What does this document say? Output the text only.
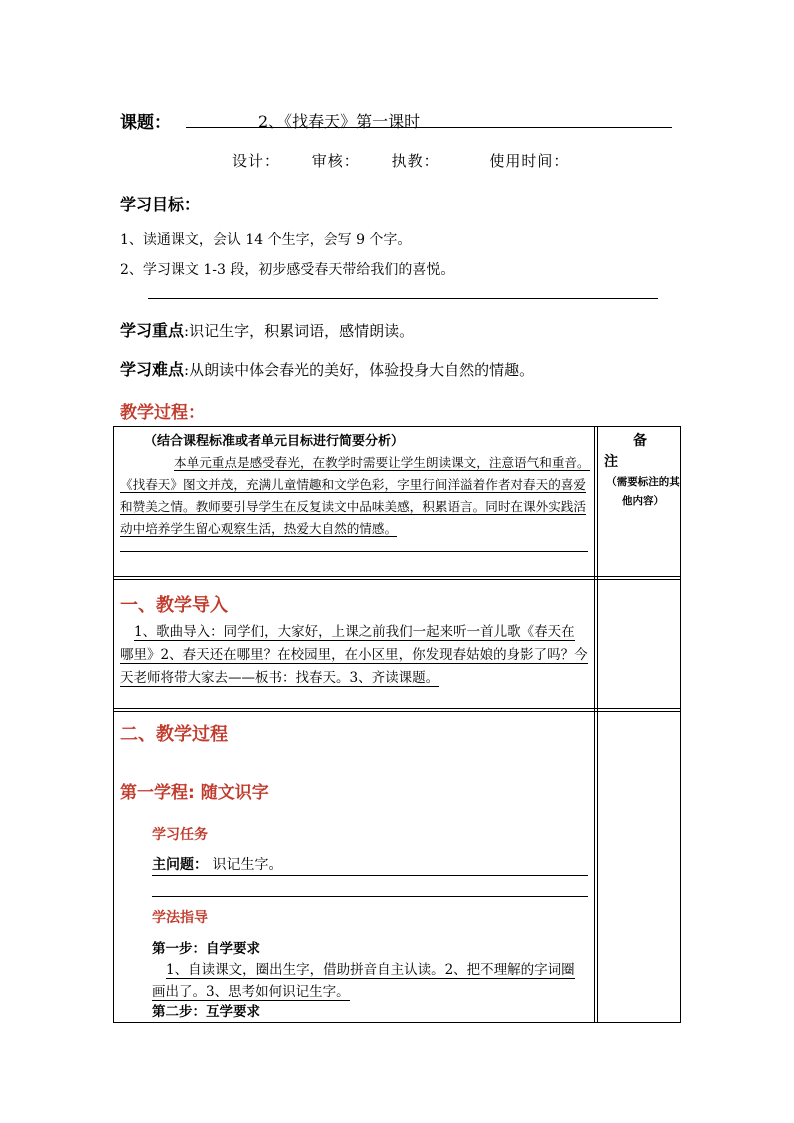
课题：	2、《找春天》第一课时
设计： 审核： 执教：	使用时间：
学习目标：
1、读通课文，会认 14 个生字，会写 9 个字。
2、学习课文 1-3 段，初步感受春天带给我们的喜悦。
学习重点:识记生字，积累词语，感情朗读。
学习难点:从朗读中体会春光的美好，体验投身大自然的情趣。
教学过程：
（结合课程标准或者单元目标进行简要分析）
本单元重点是感受春光，在教学时需要让学生朗读课文，注意语气和重音。《找春天》图文并茂，充满儿童情趣和文学色彩，字里行间洋溢着作者对春天的喜爱和赞美之情。教师要引导学生在反复读文中品味美感，积累语言。同时在课外实践活动中培养学生留心观察生活，热爱大自然的情感。
备
注
（需要标注的其他内容）
一、教学导入
1、歌曲导入：同学们，大家好，上课之前我们一起来听一首儿歌《春天在哪里》2、春天还在哪里？在校园里，在小区里，你发现春姑娘的身影了吗？今天老师将带大家去——板书：找春天。3、齐读课题。
二、教学过程
第一学程: 随文识字
学习任务
主问题： 识记生字。
学法指导
第一步：自学要求
1、自读课文，圈出生字，借助拼音自主认读。2、把不理解的字词圈画出了。3、思考如何识记生字。
第二步：互学要求
